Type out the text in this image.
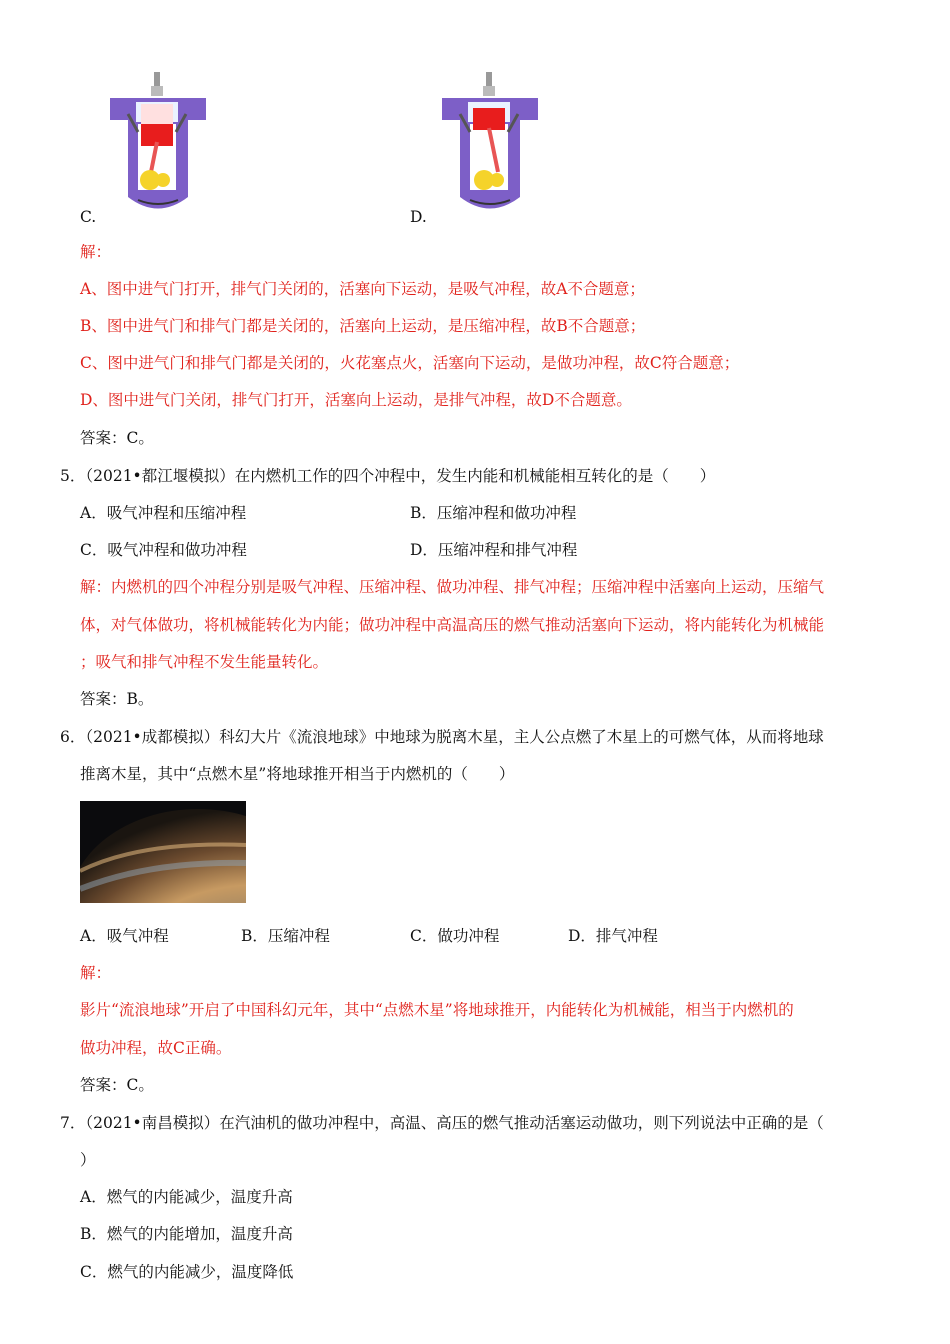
C.	D.
解：
A、图中进气门打开，排气门关闭的，活塞向下运动，是吸气冲程，故A不合题意；
B、图中进气门和排气门都是关闭的，活塞向上运动，是压缩冲程，故B不合题意；
C、图中进气门和排气门都是关闭的，火花塞点火，活塞向下运动，是做功冲程，故C符合题意；
D、图中进气门关闭，排气门打开，活塞向上运动，是排气冲程，故D不合题意。
答案：C。
5．（2021•都江堰模拟）在内燃机工作的四个冲程中，发生内能和机械能相互转化的是（　　）
A．吸气冲程和压缩冲程	B．压缩冲程和做功冲程
C．吸气冲程和做功冲程	D．压缩冲程和排气冲程
解：内燃机的四个冲程分别是吸气冲程、压缩冲程、做功冲程、排气冲程；压缩冲程中活塞向上运动，压缩气
体，对气体做功，将机械能转化为内能；做功冲程中高温高压的燃气推动活塞向下运动，将内能转化为机械能
；吸气和排气冲程不发生能量转化。
答案：B。
6．（2021•成都模拟）科幻大片《流浪地球》中地球为脱离木星，主人公点燃了木星上的可燃气体，从而将地球
推离木星，其中“点燃木星”将地球推开相当于内燃机的（　　）
A．吸气冲程	B．压缩冲程	C．做功冲程	D．排气冲程
解：
影片“流浪地球”开启了中国科幻元年，其中“点燃木星”将地球推开，内能转化为机械能，相当于内燃机的
做功冲程，故C正确。
答案：C。
7．（2021•南昌模拟）在汽油机的做功冲程中，高温、高压的燃气推动活塞运动做功，则下列说法中正确的是（
）
A．燃气的内能减少，温度升高
B．燃气的内能增加，温度升高
C．燃气的内能减少，温度降低
